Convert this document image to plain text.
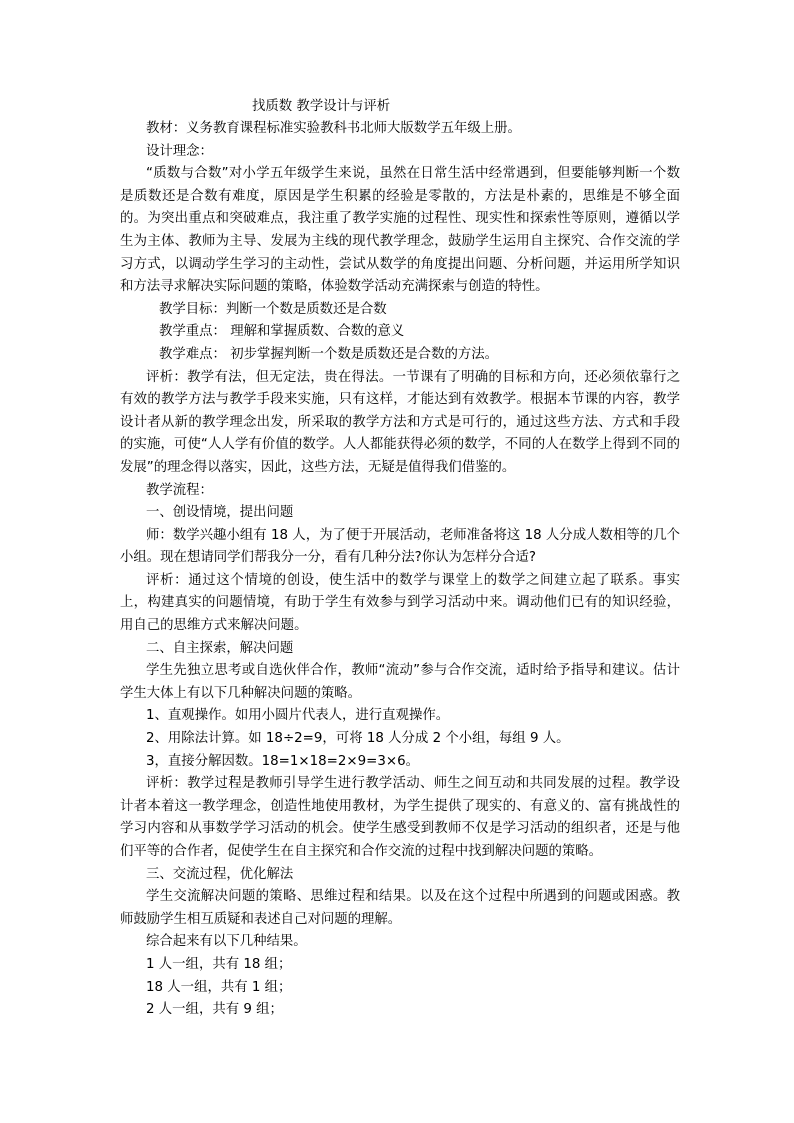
找质数 教学设计与评析

教材：义务教育课程标准实验教科书北师大版数学五年级上册。

设计理念：

“质数与合数”对小学五年级学生来说，虽然在日常生活中经常遇到，但要能够判断一个数是质数还是合数有难度，原因是学生积累的经验是零散的，方法是朴素的，思维是不够全面的。为突出重点和突破难点，我注重了教学实施的过程性、现实性和探索性等原则，遵循以学生为主体、教师为主导、发展为主线的现代教学理念，鼓励学生运用自主探究、合作交流的学习方式，以调动学生学习的主动性，尝试从数学的角度提出问题、分析问题，并运用所学知识和方法寻求解决实际问题的策略，体验数学活动充满探索与创造的特性。

教学目标：判断一个数是质数还是合数

教学重点： 理解和掌握质数、合数的意义

教学难点： 初步掌握判断一个数是质数还是合数的方法。

评析：教学有法，但无定法，贵在得法。一节课有了明确的目标和方向，还必须依靠行之有效的教学方法与教学手段来实施，只有这样，才能达到有效教学。根据本节课的内容，教学设计者从新的教学理念出发，所采取的教学方法和方式是可行的，通过这些方法、方式和手段的实施，可使“人人学有价值的数学。人人都能获得必须的数学，不同的人在数学上得到不同的发展”的理念得以落实，因此，这些方法，无疑是值得我们借鉴的。

教学流程：

一、创设情境，提出问题

师：数学兴趣小组有 18 人，为了便于开展活动，老师准备将这 18 人分成人数相等的几个小组。现在想请同学们帮我分一分，看有几种分法?你认为怎样分合适?

评析：通过这个情境的创设，使生活中的数学与课堂上的数学之间建立起了联系。事实上，构建真实的问题情境，有助于学生有效参与到学习活动中来。调动他们已有的知识经验，用自己的思维方式来解决问题。

二、自主探索，解决问题

学生先独立思考或自选伙伴合作，教师“流动”参与合作交流，适时给予指导和建议。估计学生大体上有以下几种解决问题的策略。

1、直观操作。如用小圆片代表人，进行直观操作。

2、用除法计算。如 18÷2=9，可将 18 人分成 2 个小组，每组 9 人。

3，直接分解因数。18=1×18=2×9=3×6。

评析：教学过程是教师引导学生进行教学活动、师生之间互动和共同发展的过程。教学设计者本着这一教学理念，创造性地使用教材，为学生提供了现实的、有意义的、富有挑战性的学习内容和从事数学学习活动的机会。使学生感受到教师不仅是学习活动的组织者，还是与他们平等的合作者，促使学生在自主探究和合作交流的过程中找到解决问题的策略。

三、交流过程，优化解法

学生交流解决问题的策略、思维过程和结果。以及在这个过程中所遇到的问题或困惑。教师鼓励学生相互质疑和表述自己对问题的理解。

综合起来有以下几种结果。

1 人一组，共有 18 组；

18 人一组，共有 1 组；

2 人一组，共有 9 组；
